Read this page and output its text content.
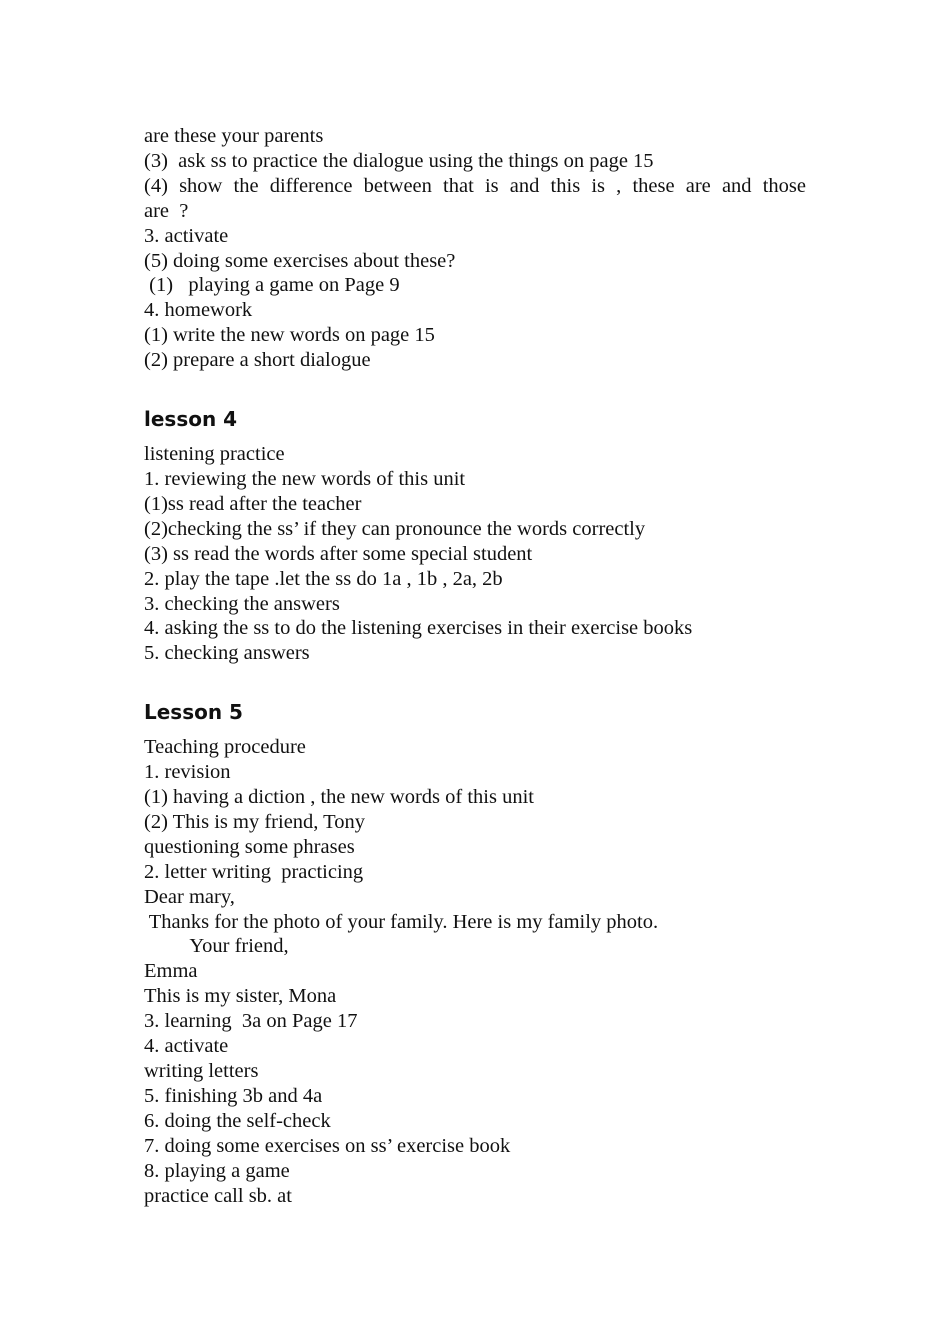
are these your parents

(3)  ask ss to practice the dialogue using the things on page 15

(4) show the difference between that is and this is , these are and those

are  ?

3. activate

(5) doing some exercises about these?

(1)   playing a game on Page 9

4. homework

(1) write the new words on page 15

(2) prepare a short dialogue

lesson 4

listening practice

1. reviewing the new words of this unit

(1)ss read after the teacher

(2)checking the ss’ if they can pronounce the words correctly

(3) ss read the words after some special student

2. play the tape .let the ss do 1a , 1b , 2a, 2b

3. checking the answers

4. asking the ss to do the listening exercises in their exercise books

5. checking answers

Lesson 5

Teaching procedure

1. revision

(1) having a diction , the new words of this unit

(2) This is my friend, Tony

questioning some phrases

2. letter writing  practicing

Dear mary,

Thanks for the photo of your family. Here is my family photo.

Your friend,

Emma

This is my sister, Mona

3. learning  3a on Page 17

4. activate

writing letters

5. finishing 3b and 4a

6. doing the self-check

7. doing some exercises on ss’ exercise book

8. playing a game

practice call sb. at
